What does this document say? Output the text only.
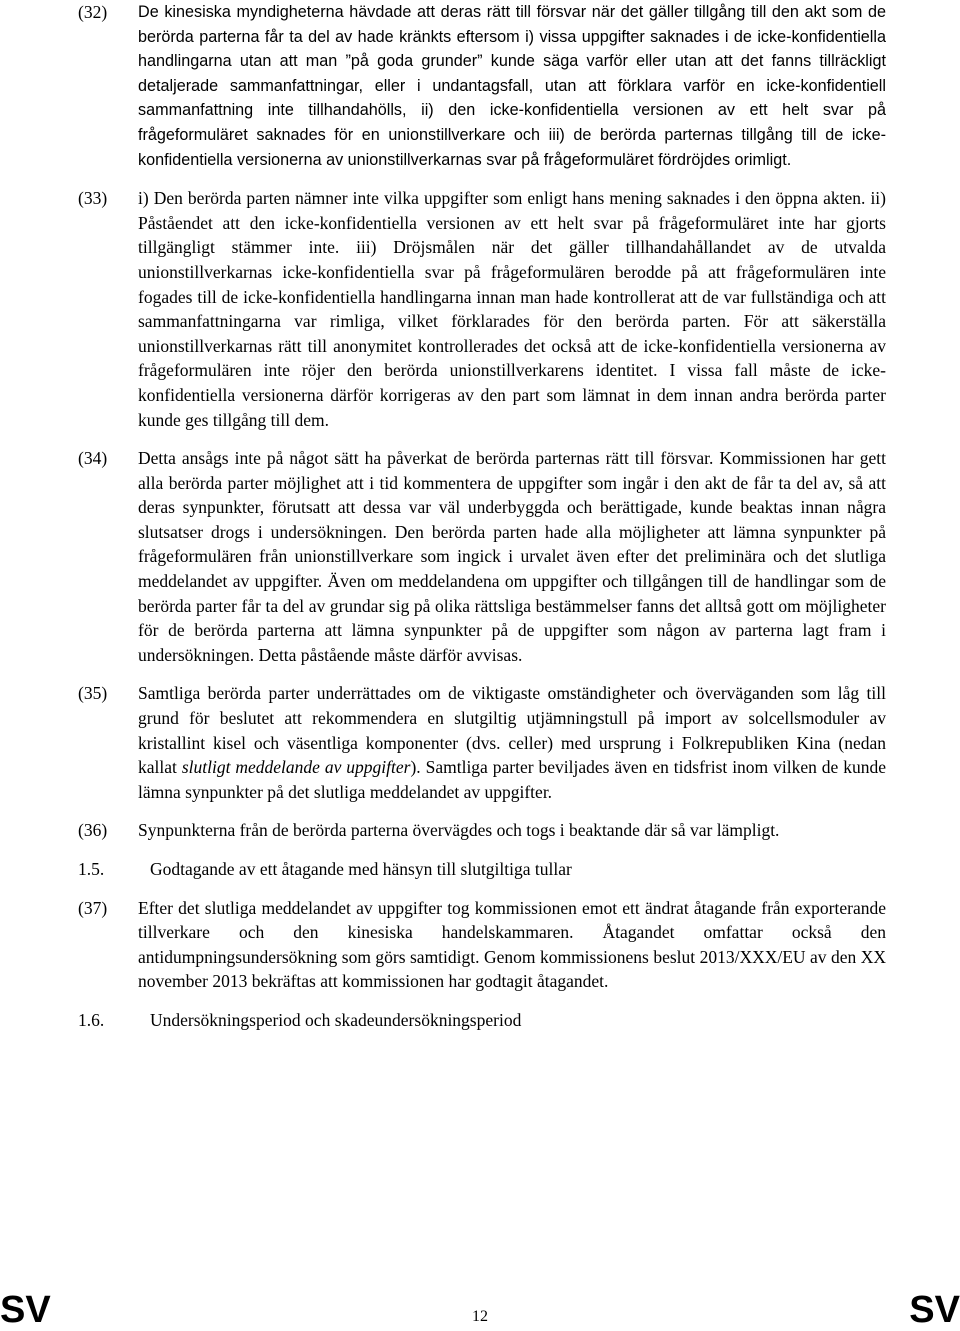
(32)	De kinesiska myndigheterna hävdade att deras rätt till försvar när det gäller tillgång till den akt som de berörda parterna får ta del av hade kränkts eftersom i) vissa uppgifter saknades i de icke-konfidentiella handlingarna utan att man ”på goda grunder” kunde säga varför eller utan att det fanns tillräckligt detaljerade sammanfattningar, eller i undantagsfall, utan att förklara varför en icke-konfidentiell sammanfattning inte tillhandahölls, ii) den icke-konfidentiella versionen av ett helt svar på frågeformuläret saknades för en unionstillverkare och iii) de berörda parternas tillgång till de icke-konfidentiella versionerna av unionstillverkarnas svar på frågeformuläret fördröjdes orimligt.
(33)	i) Den berörda parten nämner inte vilka uppgifter som enligt hans mening saknades i den öppna akten. ii) Påståendet att den icke-konfidentiella versionen av ett helt svar på frågeformuläret inte har gjorts tillgängligt stämmer inte. iii) Dröjsmålen när det gäller tillhandahållandet av de utvalda unionstillverkarnas icke-konfidentiella svar på frågeformulären berodde på att frågeformulären inte fogades till de icke-konfidentiella handlingarna innan man hade kontrollerat att de var fullständiga och att sammanfattningarna var rimliga, vilket förklarades för den berörda parten. För att säkerställa unionstillverkarnas rätt till anonymitet kontrollerades det också att de icke-konfidentiella versionerna av frågeformulären inte röjer den berörda unionstillverkarens identitet. I vissa fall måste de icke-konfidentiella versionerna därför korrigeras av den part som lämnat in dem innan andra berörda parter kunde ges tillgång till dem.
(34)	Detta ansågs inte på något sätt ha påverkat de berörda parternas rätt till försvar. Kommissionen har gett alla berörda parter möjlighet att i tid kommentera de uppgifter som ingår i den akt de får ta del av, så att deras synpunkter, förutsatt att dessa var väl underbyggda och berättigade, kunde beaktas innan några slutsatser drogs i undersökningen. Den berörda parten hade alla möjligheter att lämna synpunkter på frågeformulären från unionstillverkare som ingick i urvalet även efter det preliminära och det slutliga meddelandet av uppgifter. Även om meddelandena om uppgifter och tillgången till de handlingar som de berörda parter får ta del av grundar sig på olika rättsliga bestämmelser fanns det alltså gott om möjligheter för de berörda parterna att lämna synpunkter på de uppgifter som någon av parterna lagt fram i undersökningen. Detta påstående måste därför avvisas.
(35)	Samtliga berörda parter underrättades om de viktigaste omständigheter och överväganden som låg till grund för beslutet att rekommendera en slutgiltig utjämningstull på import av solcellsmoduler av kristallint kisel och väsentliga komponenter (dvs. celler) med ursprung i Folkrepubliken Kina (nedan kallat slutligt meddelande av uppgifter). Samtliga parter beviljades även en tidsfrist inom vilken de kunde lämna synpunkter på det slutliga meddelandet av uppgifter.
(36)	Synpunkterna från de berörda parterna övervägdes och togs i beaktande där så var lämpligt.
1.5.	Godtagande av ett åtagande med hänsyn till slutgiltiga tullar
(37)	Efter det slutliga meddelandet av uppgifter tog kommissionen emot ett ändrat åtagande från exporterande tillverkare och den kinesiska handelskammaren. Åtagandet omfattar också den antidumpningsundersökning som görs samtidigt. Genom kommissionens beslut 2013/XXX/EU av den XX november 2013 bekräftas att kommissionen har godtagit åtagandet.
1.6.	Undersökningsperiod och skadeundersökningsperiod
SV	12	SV
